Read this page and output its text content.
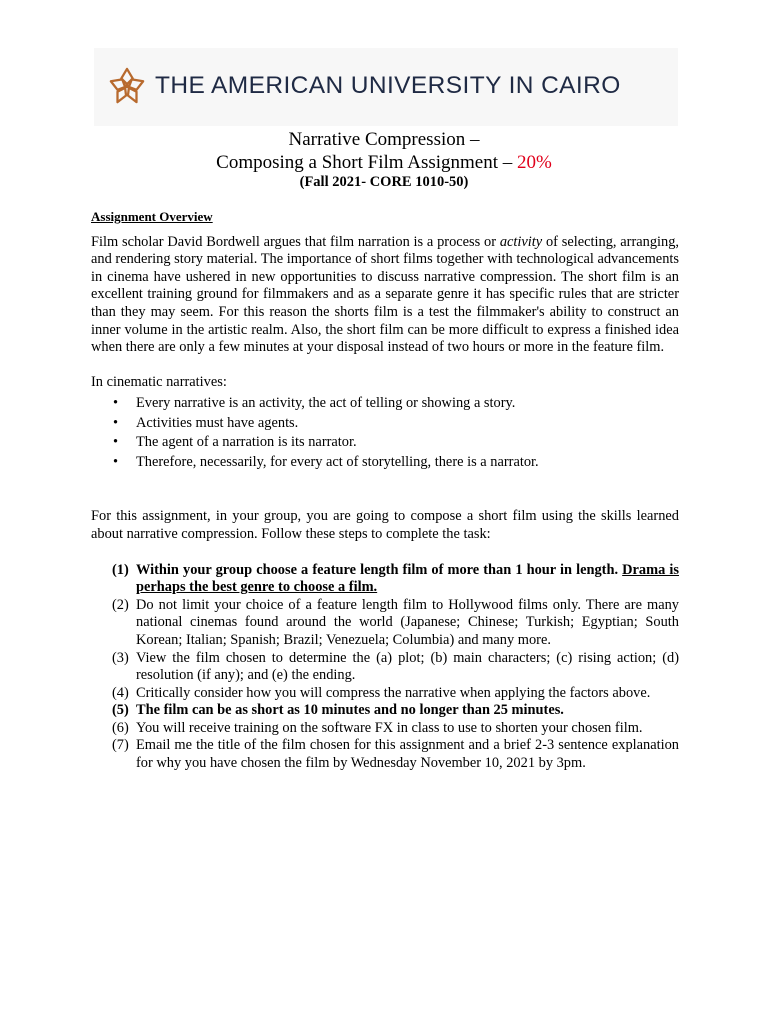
THE AMERICAN UNIVERSITY IN CAIRO
Narrative Compression –
Composing a Short Film Assignment – 20%
(Fall 2021- CORE 1010-50)
Assignment Overview

Film scholar David Bordwell argues that film narration is a process or activity of selecting, arranging, and rendering story material. The importance of short films together with technological advancements in cinema have ushered in new opportunities to discuss narrative compression. The short film is an excellent training ground for filmmakers and as a separate genre it has specific rules that are stricter than they may seem. For this reason the shorts film is a test the filmmaker's ability to construct an inner volume in the artistic realm. Also, the short film can be more difficult to express a finished idea when there are only a few minutes at your disposal instead of two hours or more in the feature film.

In cinematic narratives:
• Every narrative is an activity, the act of telling or showing a story.
• Activities must have agents.
• The agent of a narration is its narrator.
• Therefore, necessarily, for every act of storytelling, there is a narrator.

For this assignment, in your group, you are going to compose a short film using the skills learned about narrative compression. Follow these steps to complete the task:

(1) Within your group choose a feature length film of more than 1 hour in length. Drama is perhaps the best genre to choose a film.
(2) Do not limit your choice of a feature length film to Hollywood films only. There are many national cinemas found around the world (Japanese; Chinese; Turkish; Egyptian; South Korean; Italian; Spanish; Brazil; Venezuela; Columbia) and many more.
(3) View the film chosen to determine the (a) plot; (b) main characters; (c) rising action; (d) resolution (if any); and (e) the ending.
(4) Critically consider how you will compress the narrative when applying the factors above.
(5) The film can be as short as 10 minutes and no longer than 25 minutes.
(6) You will receive training on the software FX in class to use to shorten your chosen film.
(7) Email me the title of the film chosen for this assignment and a brief 2-3 sentence explanation for why you have chosen the film by Wednesday November 10, 2021 by 3pm.
